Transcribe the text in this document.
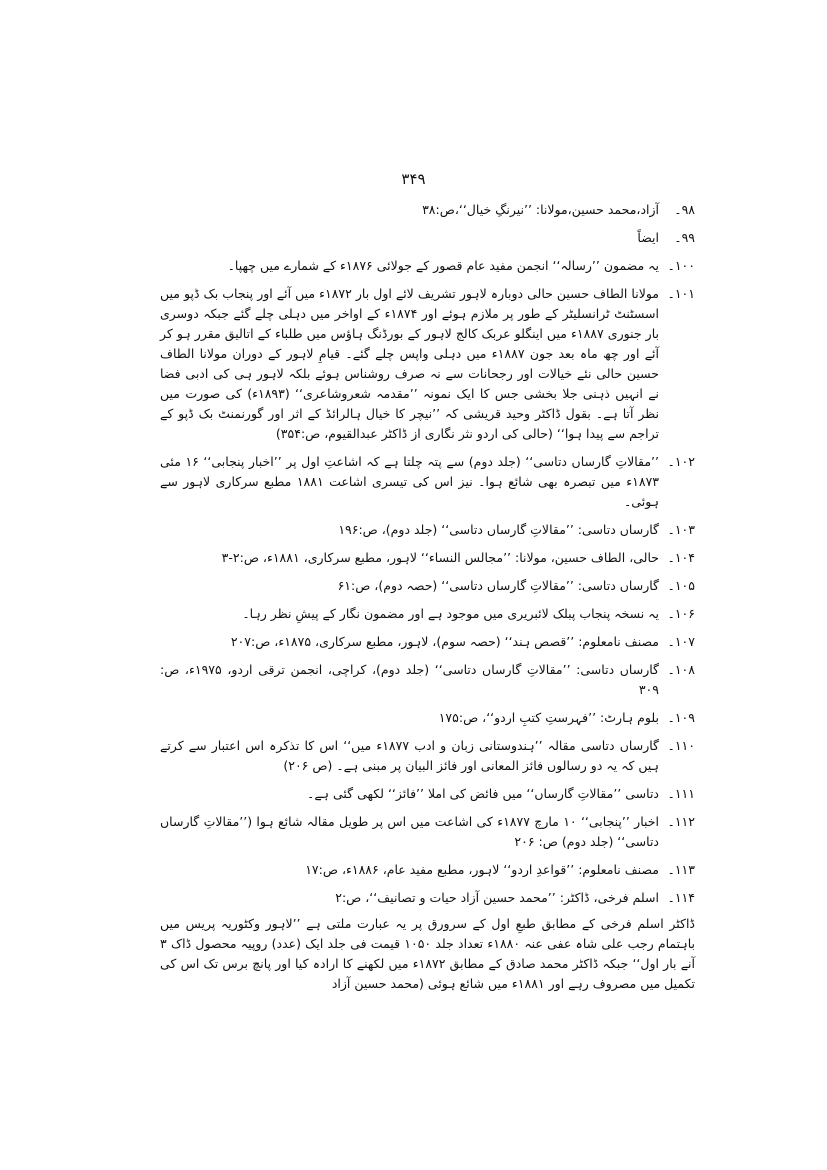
۳۴۹
۹۸۔
آزاد،محمد حسین،مولانا: ’’نیرنگِ خیال‘‘،ص:۳۸
۹۹۔
ایضاً
۱۰۰۔
یہ مضمون ’’رسالہ‘‘ انجمن مفید عام قصور کے جولائی ۱۸۷۶ء کے شمارے میں چھپا۔
۱۰۱۔
مولانا الطاف حسین حالی دوبارہ لاہور تشریف لائے اول بار ۱۸۷۲ء میں آئے اور پنجاب بک ڈپو میں اسسٹنٹ ٹرانسلیٹر کے طور پر ملازم ہوئے اور ۱۸۷۴ء کے اواخر میں دہلی چلے گئے جبکہ دوسری بار جنوری ۱۸۸۷ء میں اینگلو عربک کالج لاہور کے بورڈنگ ہاؤس میں طلباء کے اتالیق مقرر ہو کر آئے اور چھ ماہ بعد جون ۱۸۸۷ء میں دہلی واپس چلے گئے۔ قیامِ لاہور کے دوران مولانا الطاف حسین حالی نئے خیالات اور رجحانات سے نہ صرف روشناس ہوئے بلکہ لاہور ہی کی ادبی فضا نے انہیں ذہنی جلا بخشی جس کا ایک نمونہ ’’مقدمہ شعروشاعری‘‘ (۱۸۹۳ء) کی صورت میں نظر آتا ہے۔ بقول ڈاکٹر وحید قریشی کہ ’’نیچر کا خیال ہالرائڈ کے اثر اور گورنمنٹ بک ڈپو کے تراجم سے پیدا ہوا‘‘ (حالی کی اردو نثر نگاری از ڈاکٹر عبدالقیوم، ص:۳۵۴)
۱۰۲۔
’’مقالاتِ گارساں دتاسی‘‘ (جلد دوم) سے پتہ چلتا ہے کہ اشاعتِ اول پر ’’اخبار پنجابی‘‘ ۱۶ مئی ۱۸۷۳ء میں تبصرہ بھی شائع ہوا۔ نیز اس کی تیسری اشاعت ۱۸۸۱ مطبع سرکاری لاہور سے ہوئی۔
۱۰۳۔
گارساں دتاسی: ’’مقالاتِ گارساں دتاسی‘‘ (جلد دوم)، ص:۱۹۶
۱۰۴۔
حالی، الطاف حسین، مولانا: ’’مجالس النساء‘‘ لاہور، مطبع سرکاری، ۱۸۸۱ء، ص:۲-۳
۱۰۵۔
گارساں دتاسی: ’’مقالاتِ گارساں دتاسی‘‘ (حصہ دوم)، ص:۶۱
۱۰۶۔
یہ نسخہ پنجاب پبلک لائبریری میں موجود ہے اور مضمون نگار کے پیشِ نظر رہا۔
۱۰۷۔
مصنف نامعلوم: ’’قصص ہند‘‘ (حصہ سوم)، لاہور، مطبع سرکاری، ۱۸۷۵ء، ص:۲۰۷
۱۰۸۔
گارساں دتاسی: ’’مقالاتِ گارساں دتاسی‘‘ (جلد دوم)، کراچی، انجمن ترقی اردو، ۱۹۷۵ء، ص: ۳۰۹
۱۰۹۔
بلوم ہارٹ: ’’فہرستِ کتبِ اردو‘‘، ص:۱۷۵
۱۱۰۔
گارساں دتاسی مقالہ ’’ہندوستانی زبان و ادب ۱۸۷۷ء میں‘‘ اس کا تذکرہ اس اعتبار سے کرتے ہیں کہ یہ دو رسالوں فائز المعانی اور فائز البیان پر مبنی ہے۔ (ص ۲۰۶)
۱۱۱۔
دتاسی ’’مقالاتِ گارساں‘‘ میں فائض کی املا ’’فائز‘‘ لکھی گئی ہے۔
۱۱۲۔
اخبار ’’پنجابی‘‘ ۱۰ مارچ ۱۸۷۷ء کی اشاعت میں اس پر طویل مقالہ شائع ہوا (’’مقالاتِ گارساں دتاسی‘‘ (جلد دوم) ص: ۲۰۶
۱۱۳۔
مصنف نامعلوم: ’’قواعدِ اردو‘‘ لاہور، مطبع مفید عام، ۱۸۸۶ء، ص:۱۷
۱۱۴۔
اسلم فرخی، ڈاکٹر: ’’محمد حسین آزاد حیات و تصانیف‘‘، ص:۲
ڈاکٹر اسلم فرخی کے مطابق طبعِ اول کے سرورق پر یہ عبارت ملتی ہے ’’لاہور وکٹوریہ پریس میں باہتمام رجب علی شاہ عفی عنہ ۱۸۸۰ء تعداد جلد ۱۰۵۰ قیمت فی جلد ایک (عدد) روپیہ محصول ڈاک ۳ آنے بار اول‘‘ جبکہ ڈاکٹر محمد صادق کے مطابق ۱۸۷۲ء میں لکھنے کا ارادہ کیا اور پانچ برس تک اس کی تکمیل میں مصروف رہے اور ۱۸۸۱ء میں شائع ہوئی (محمد حسین آزاد
